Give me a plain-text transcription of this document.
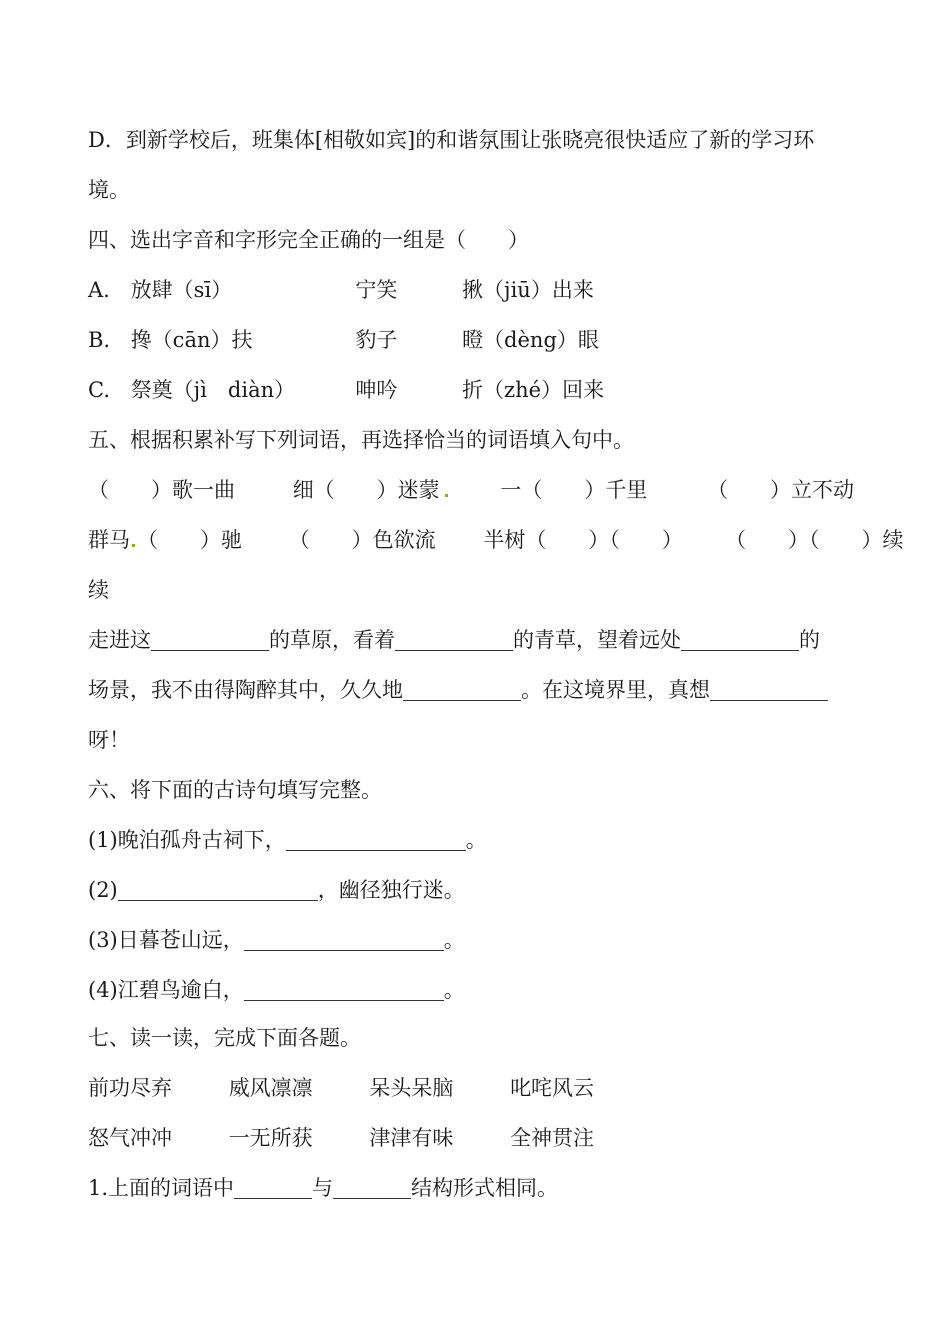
D．到新学校后，班集体[相敬如宾]的和谐氛围让张晓亮很快适应了新的学习环
境。
四、选出字音和字形完全正确的一组是（　　）
A. 放肆（sī）	宁笑	揪（jiū）出来
B. 搀（cān）扶	豹子	瞪（dèng）眼
C. 祭奠（jì　diàn）	呻吟	折（zhé）回来
五、根据积累补写下列词语，再选择恰当的词语填入句中。
（　　）歌一曲	细（　　）迷蒙	一（　　）千里	（　　）立不动
群马 （　　）驰 （　　）色欲流 半树（　　）（　　） （　　）（　　）续
续
走进这	的草原，看着	的青草，望着远处	的
场景，我不由得陶醉其中，久久地	。在这境界里，真想
呀！
六、将下面的古诗句填写完整。
(1)晚泊孤舟古祠下，	。
(2)	，幽径独行迷。
(3)日暮苍山远，	。
(4)江碧鸟逾白，	。
七、读一读，完成下面各题。
前功尽弃	威风凛凛	呆头呆脑	叱咤风云
怒气冲冲	一无所获	津津有味	全神贯注
1.上面的词语中	与	结构形式相同。
